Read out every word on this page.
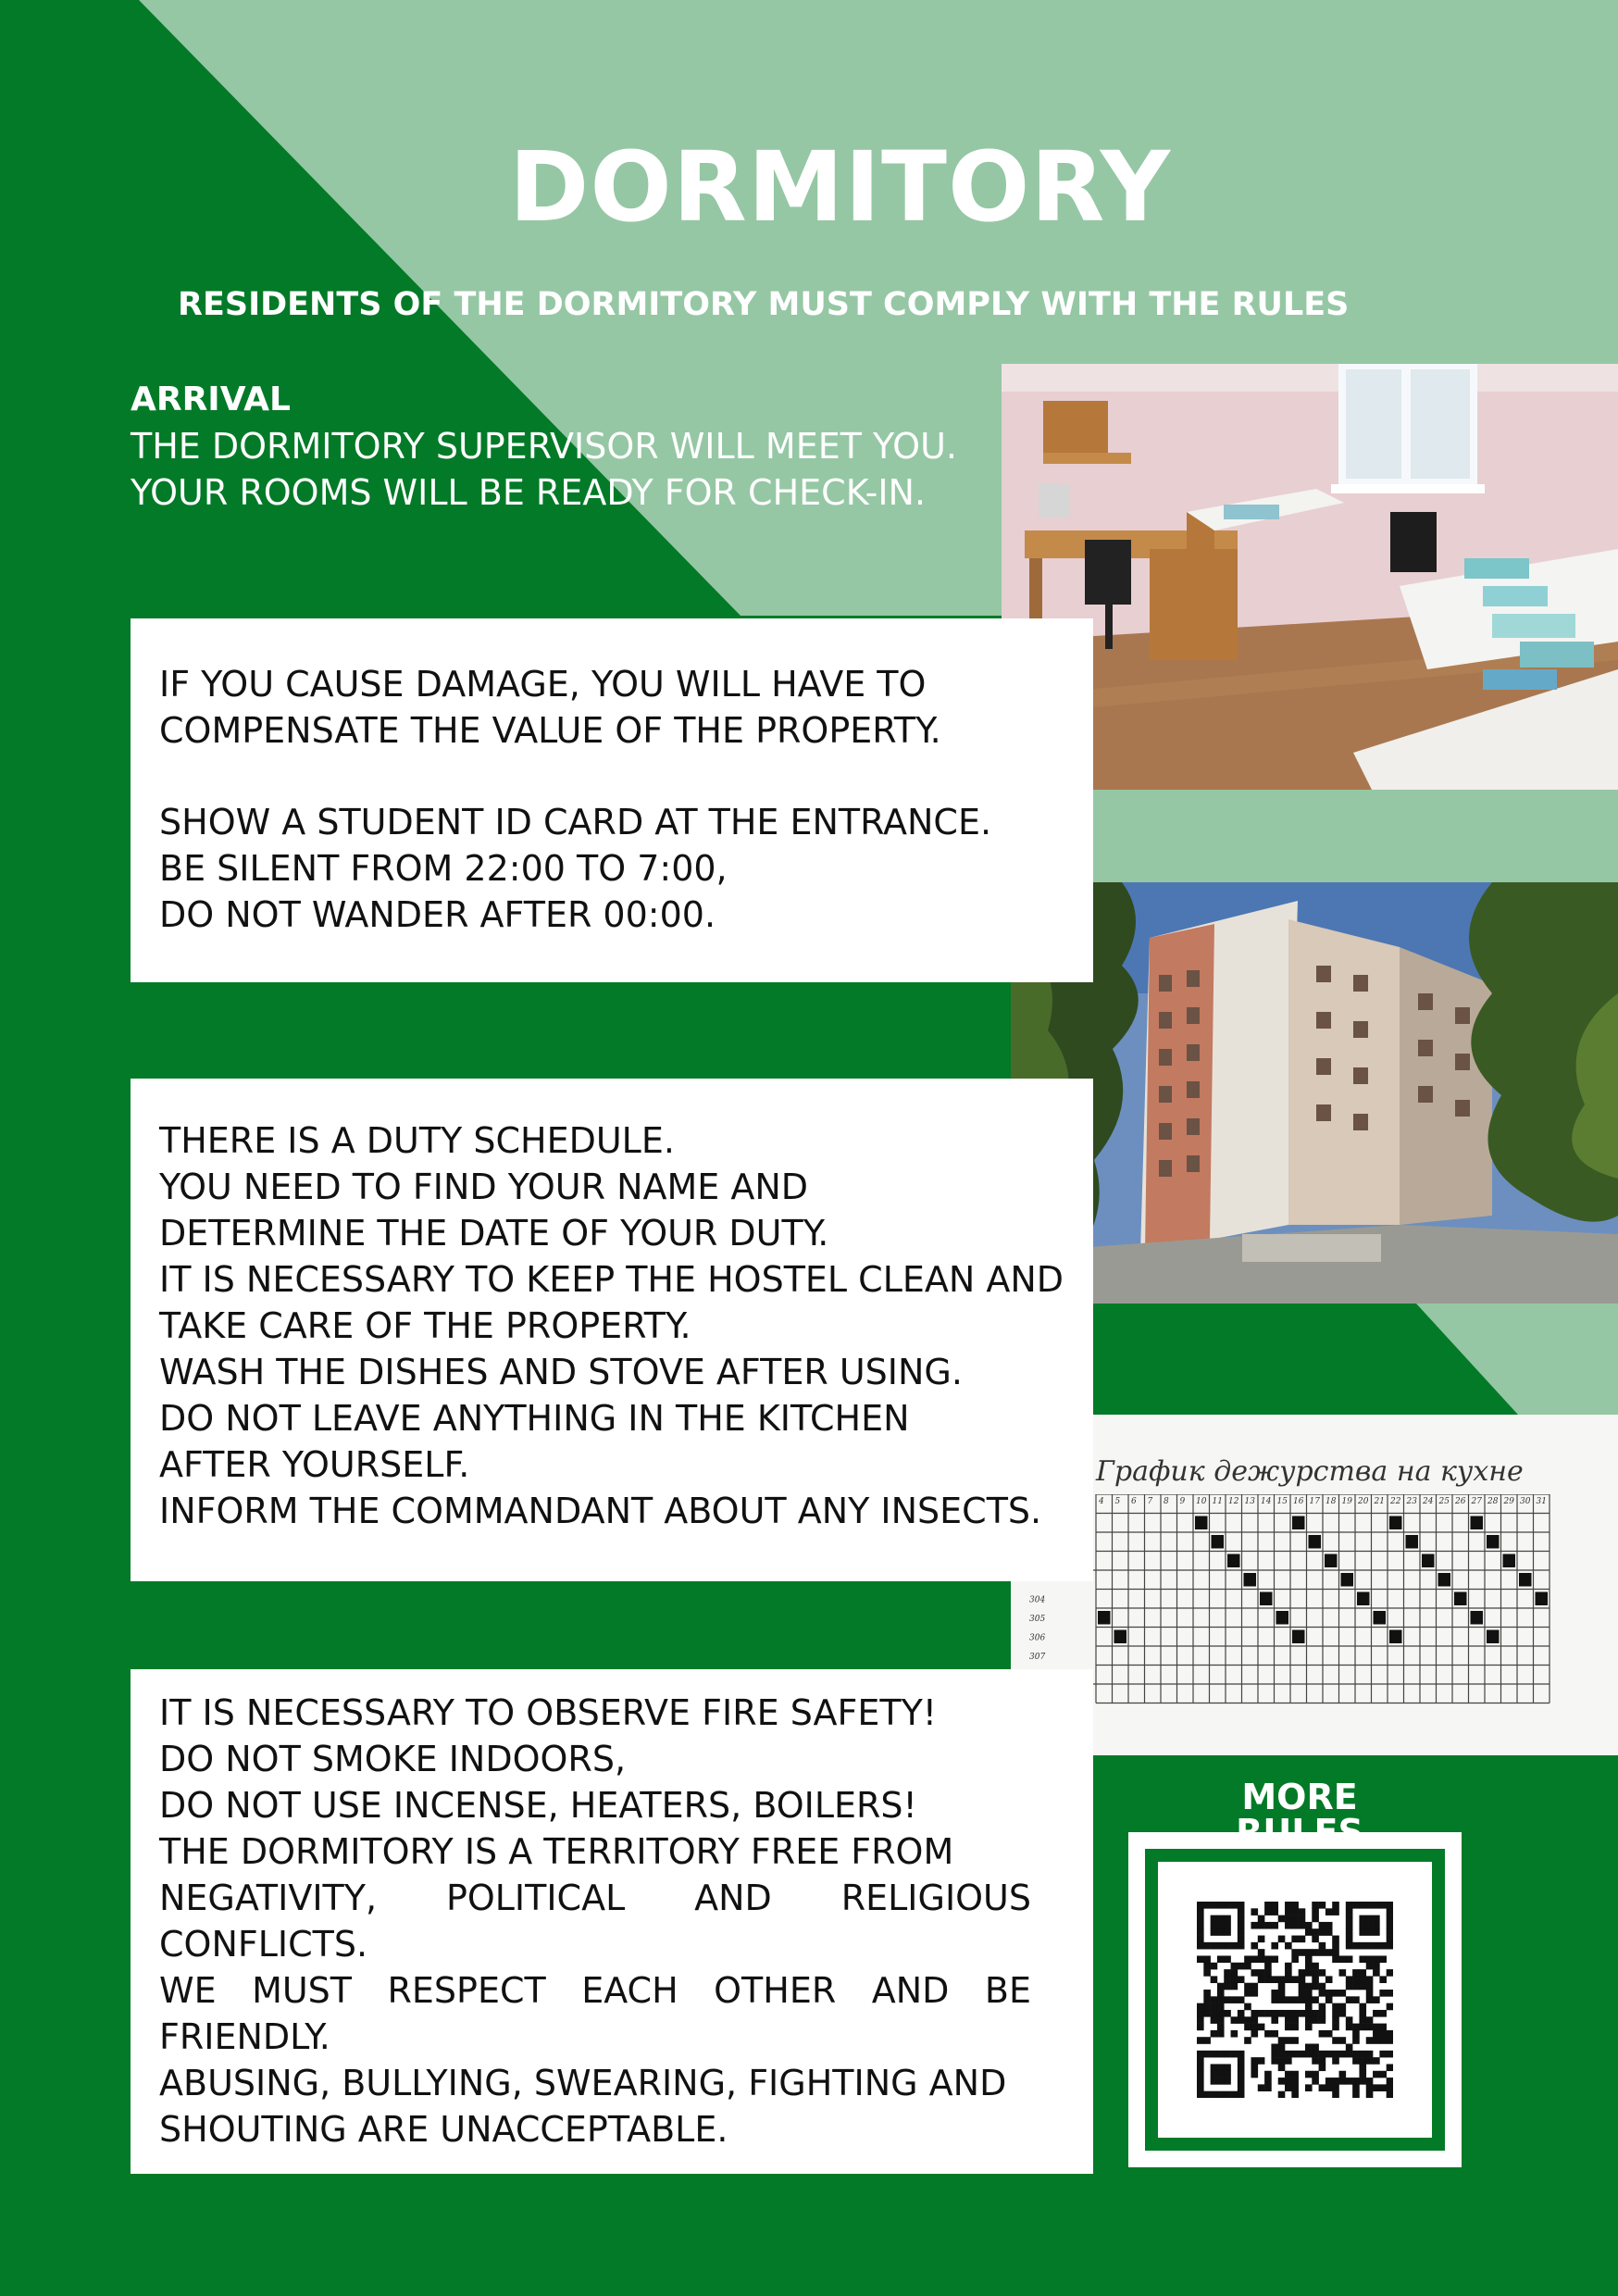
DORMITORY
RESIDENTS OF THE DORMITORY MUST COMPLY WITH THE RULES
ARRIVAL
THE DORMITORY SUPERVISOR WILL MEET YOU.
YOUR ROOMS WILL BE READY FOR CHECK-IN.
График дежурства на кухне
4 5 6 7 8 9 10 11 12 13 14 15 16 17 18 19 20 21 22 23 24 25 26 27 28 29 30 31
304
305
306
307
MORE
IF YOU CAUSE DAMAGE, YOU WILL HAVE TO
COMPENSATE THE VALUE OF THE PROPERTY.
SHOW A STUDENT ID CARD AT THE ENTRANCE.
BE SILENT FROM 22:00 TO 7:00,
DO NOT WANDER AFTER 00:00.
THERE IS A DUTY SCHEDULE.
YOU NEED TO FIND YOUR NAME AND
DETERMINE THE DATE OF YOUR DUTY.
IT IS NECESSARY TO KEEP THE HOSTEL CLEAN AND
TAKE CARE OF THE PROPERTY.
WASH THE DISHES AND STOVE AFTER USING.
DO NOT LEAVE ANYTHING IN THE KITCHEN
AFTER YOURSELF.
INFORM THE COMMANDANT ABOUT ANY INSECTS.
IT IS NECESSARY TO OBSERVE FIRE SAFETY!
DO NOT SMOKE INDOORS,
DO NOT USE INCENSE, HEATERS, BOILERS!
THE DORMITORY IS A TERRITORY FREE FROM
NEGATIVITY, POLITICAL AND RELIGIOUS
CONFLICTS.
WE MUST RESPECT EACH OTHER AND BE
FRIENDLY.
ABUSING, BULLYING, SWEARING, FIGHTING AND
SHOUTING ARE UNACCEPTABLE.
